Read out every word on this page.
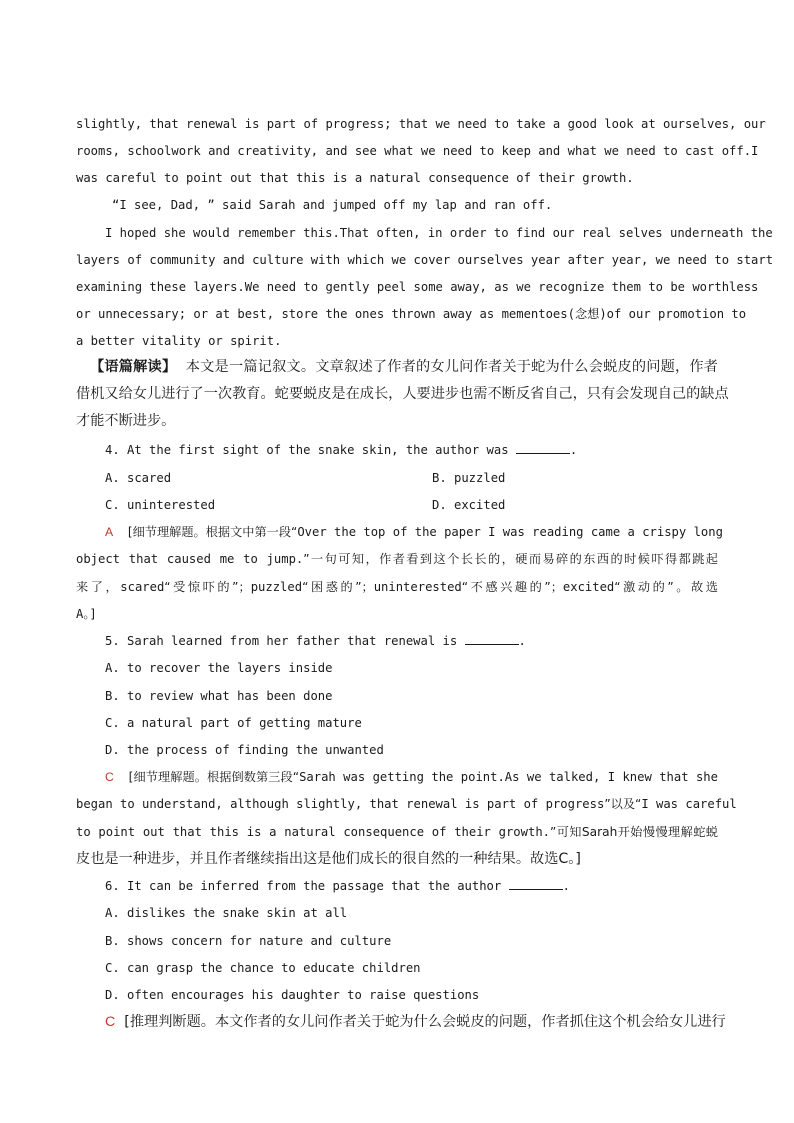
slightly, that renewal is part of progress; that we need to take a good look at ourselves, our
rooms, schoolwork and creativity, and see what we need to keep and what we need to cast off.I
was careful to point out that this is a natural consequence of their growth.
“I see, Dad, ” said Sarah and jumped off my lap and ran off.
I hoped she would remember this.That often, in order to find our real selves underneath the
layers of community and culture with which we cover ourselves year after year, we need to start
examining these layers.We need to gently peel some away, as we recognize them to be worthless
or unnecessary; or at best, store the ones thrown away as mementoes(念想)of our promotion to
a better vitality or spirit.
【语篇解读】 本文是一篇记叙文。文章叙述了作者的女儿问作者关于蛇为什么会蜕皮的问题，作者
借机又给女儿进行了一次教育。蛇要蜕皮是在成长，人要进步也需不断反省自己，只有会发现自己的缺点
才能不断进步。
4. At the first sight of the snake skin, the author was	.
A. scared	B. puzzled
C. uninterested	D. excited
A [细节理解题。根据文中第一段“Over the top of the paper I was reading came a crispy long
object that caused me to jump.”一句可知，作者看到这个长长的，硬而易碎的东西的时候吓得都跳起
来了，scared“受惊吓的”；puzzled“困惑的”；uninterested“不感兴趣的”；excited“激动的”。故选
A。]
5. Sarah learned from her father that renewal is	.
A. to recover the layers inside
B. to review what has been done
C. a natural part of getting mature
D. the process of finding the unwanted
C [细节理解题。根据倒数第三段“Sarah was getting the point.As we talked, I knew that she
began to understand, although slightly, that renewal is part of progress”以及“I was careful
to point out that this is a natural consequence of their growth.”可知Sarah开始慢慢理解蛇蜕
皮也是一种进步，并且作者继续指出这是他们成长的很自然的一种结果。故选C。]
6. It can be inferred from the passage that the author	.
A. dislikes the snake skin at all
B. shows concern for nature and culture
C. can grasp the chance to educate children
D. often encourages his daughter to raise questions
C [推理判断题。本文作者的女儿问作者关于蛇为什么会蜕皮的问题，作者抓住这个机会给女儿进行
